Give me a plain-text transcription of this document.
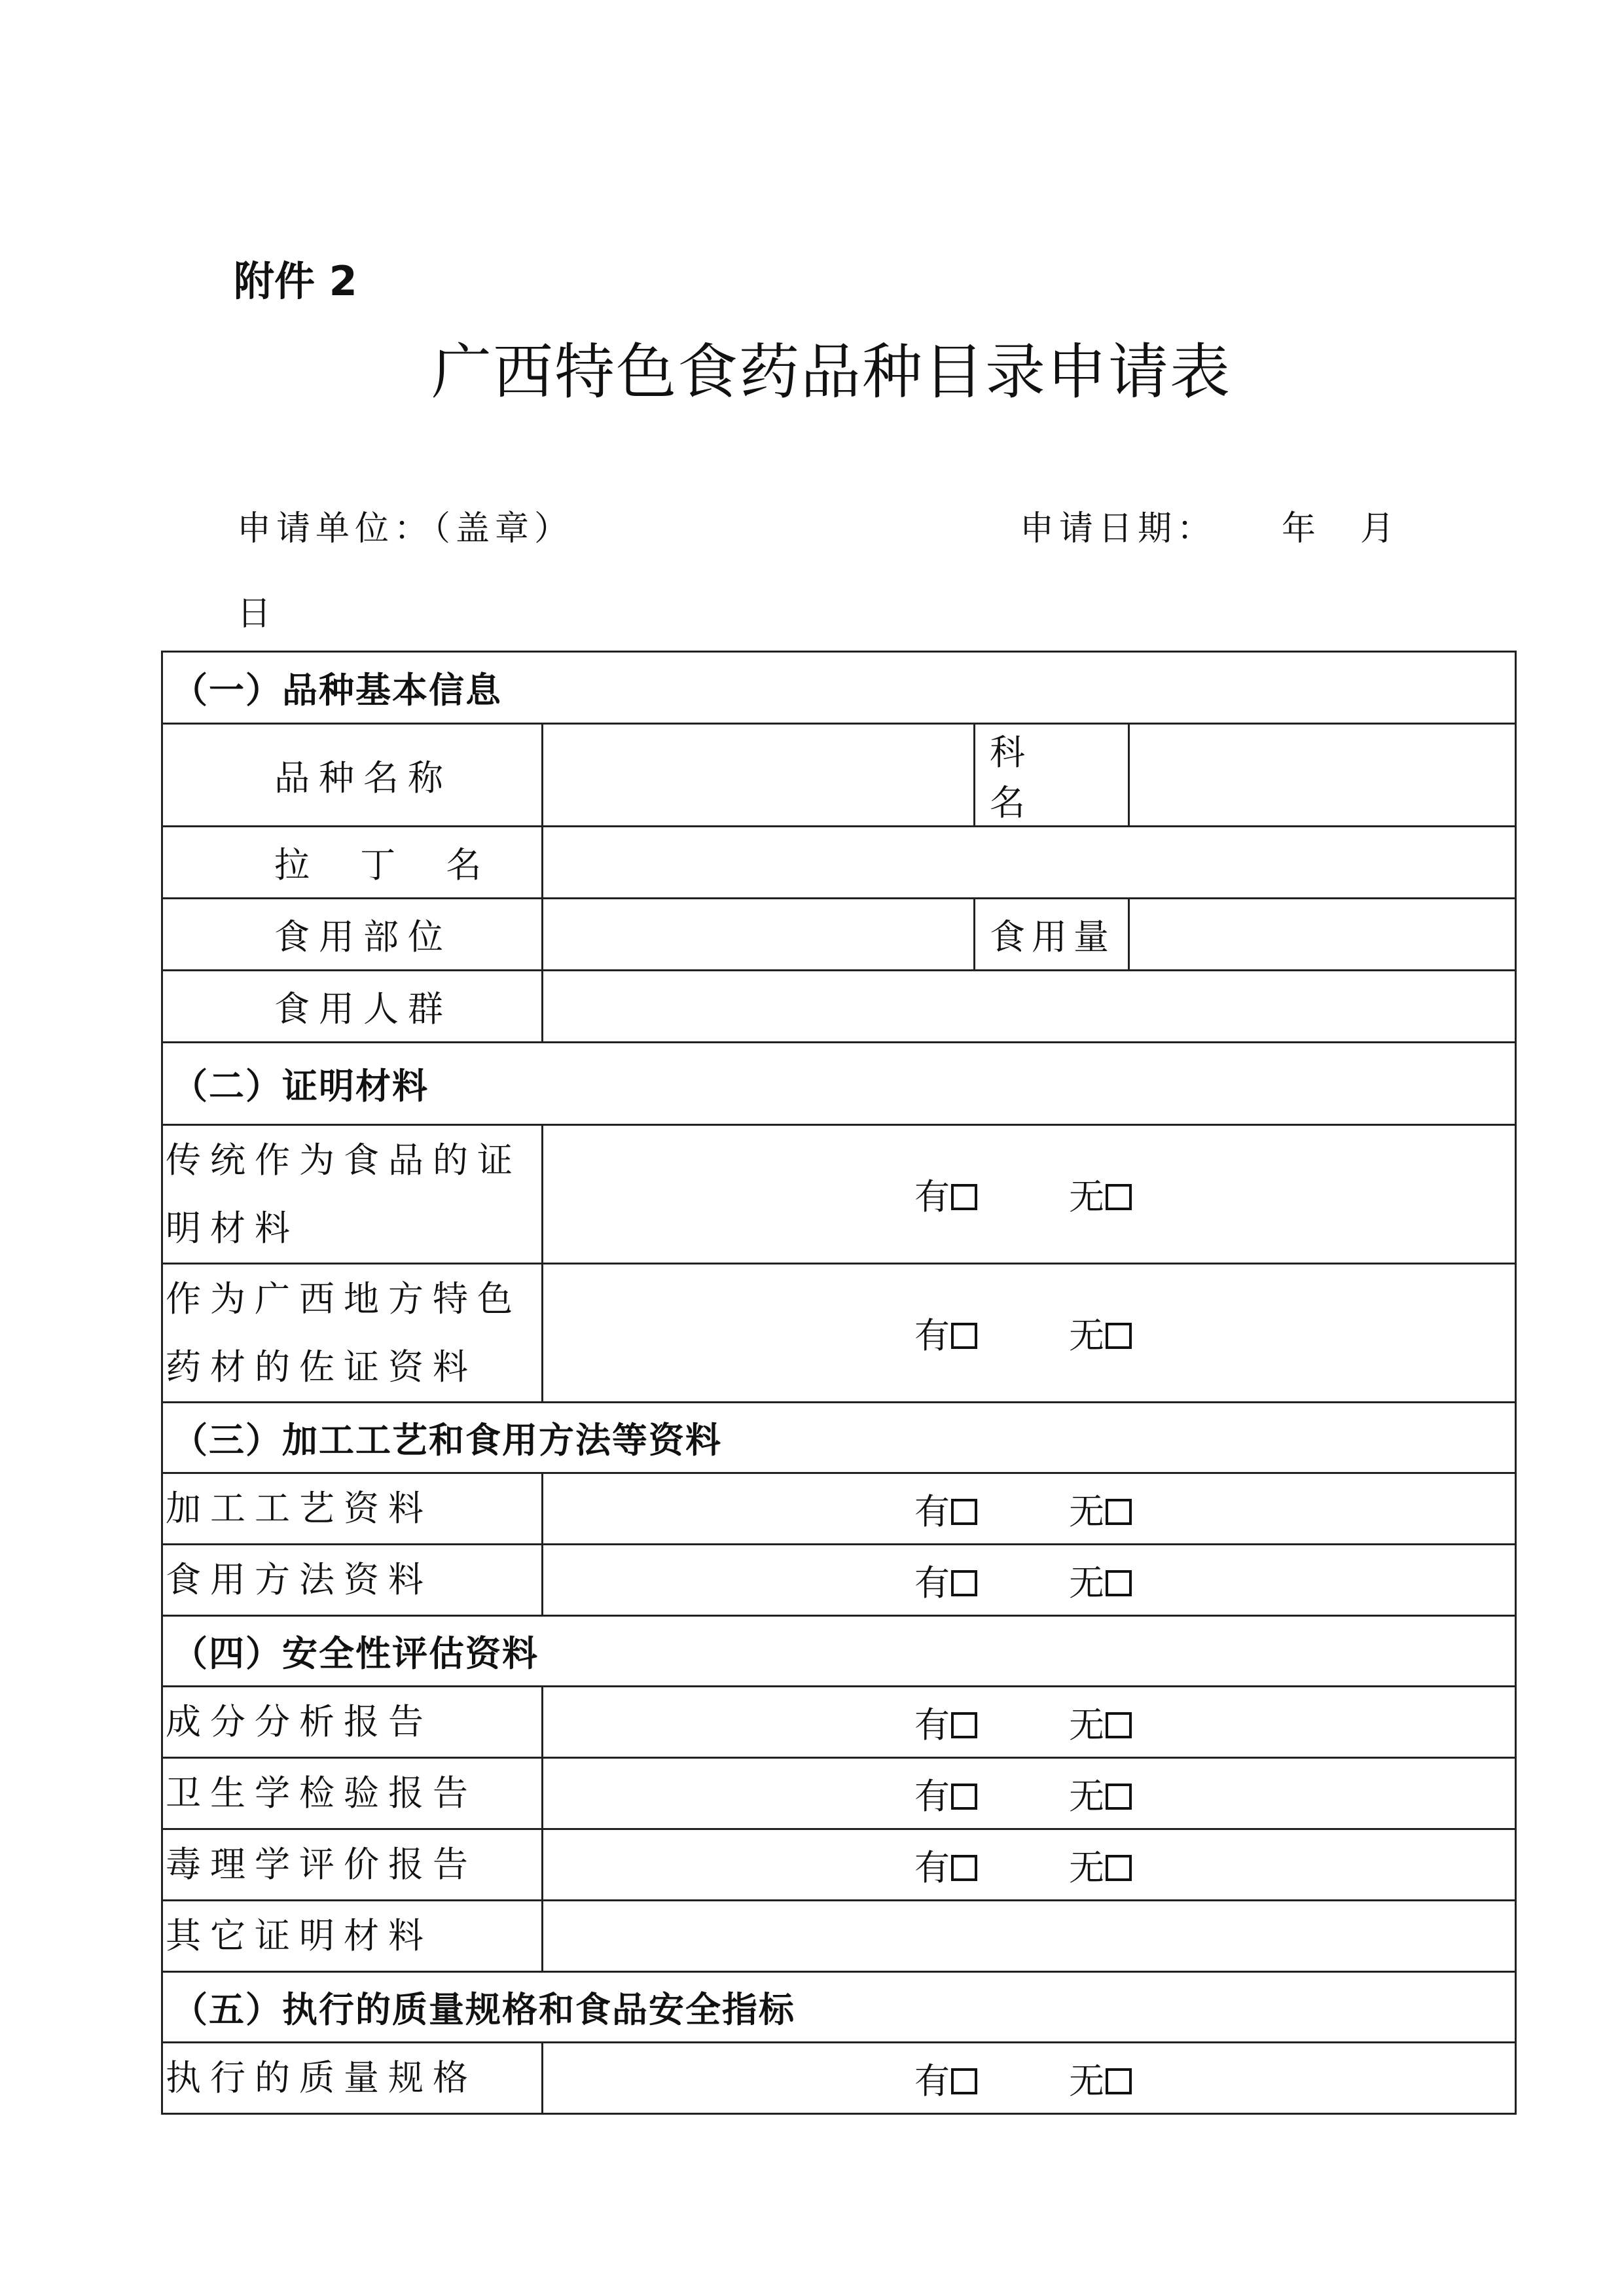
附件 2
广西特色食药品种目录申请表
申请单位：（盖章）	申请日期： 年 月
日
（一）品种基本信息			
品种名称		科 名	
拉 丁 名			
食用部位		食用量	
食用人群			
（二）证明材料			
传统作为食品的证明材料	有 无		
作为广西地方特色药材的佐证资料	有 无		
（三）加工工艺和食用方法等资料			
加工工艺资料	有 无		
食用方法资料	有 无		
（四）安全性评估资料			
成分分析报告	有 无		
卫生学检验报告	有 无		
毒理学评价报告	有 无		
其它证明材料			
（五）执行的质量规格和食品安全指标			
执行的质量规格	有 无		
